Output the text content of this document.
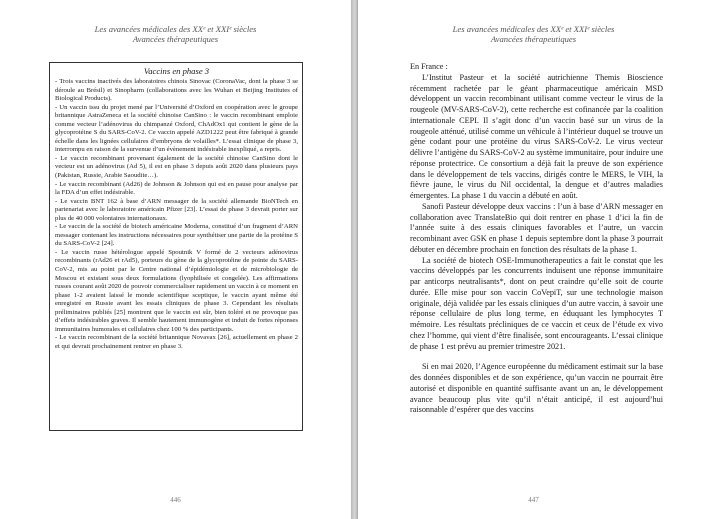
Les avancées médicales des XXᵉ et XXIᵉ siècles
Avancées thérapeutiques
Vaccins en phase 3

- Trois vaccins inactivés des laboratoires chinois Sinovac (CoronaVac, dont la phase 3 se déroule au Brésil) et Sinopharm (collaborations avec les Wuhan et Beijing Institutes of Biological Products).

- Un vaccin issu du projet mené par l’Université d’Oxford en coopération avec le groupe britannique AstraZeneca et la société chinoise CanSino : le vaccin recombinant emploie comme vecteur l’adénovirus du chimpanzé Oxford, ChAdOx1 qui contient le gène de la glycoprotéine S du SARS-CoV-2. Ce vaccin appelé AZD1222 peut être fabriqué à grande échelle dans les lignées cellulaires d’embryons de volailles*. L’essai clinique de phase 3, interrompu en raison de la survenue d’un évènement indésirable inexpliqué, a repris.

- Le vaccin recombinant provenant également de la société chinoise CanSino dont le vecteur est un adénovirus (Ad 5), il est en phase 3 depuis août 2020 dans plusieurs pays (Pakistan, Russie, Arabie Saoudite…).

- Le vaccin recombinant (Ad26) de Johnson & Johnson qui est en pause pour analyse par la FDA d’un effet indésirable.

- Le vaccin BNT 162 à base d’ARN messager de la société allemande BioNTech en partenariat avec le laboratoire américain Pfizer [23]. L’essai de phase 3 devrait porter sur plus de 40 000 volontaires internationaux.

- Le vaccin de la société de biotech américaine Moderna, constitué d’un fragment d’ARN messager contenant les instructions nécessaires pour synthétiser une partie de la protéine S du SARS-CoV-2 [24].

- Le vaccin russe hétérologue appelé Spoutnik V formé de 2 vecteurs adénovirus recombinants (rAd26 et rAd5), porteurs du gène de la glycoprotéine de pointe du SARS-CoV-2, mis au point par le Centre national d’épidémiologie et de microbiologie de Moscou et existant sous deux formulations (lyophilisée et congelée). Les affirmations russes courant août 2020 de pouvoir commercialiser rapidement un vaccin à ce moment en phase 1-2 avaient laissé le monde scientifique sceptique, le vaccin ayant même été enregistré en Russie avant les essais cliniques de phase 3. Cependant les résultats préliminaires publiés [25] montrent que le vaccin est sûr, bien toléré et ne provoque pas d’effets indésirables graves. Il semble hautement immunogène et induit de fortes réponses immunitaires humorales et cellulaires chez 100 % des participants.

- Le vaccin recombinant de la société britannique Novavax [26], actuellement en phase 2 et qui devrait prochainement rentrer en phase 3.

446
Les avancées médicales des XXᵉ et XXIᵉ siècles
Avancées thérapeutiques

En France :

L’Institut Pasteur et la société autrichienne Themis Bioscience récemment rachetée par le géant pharmaceutique américain MSD développent un vaccin recombinant utilisant comme vecteur le virus de la rougeole (MV-SARS-CoV-2), cette recherche est cofinancée par la coalition internationale CEPI. Il s’agit donc d’un vaccin basé sur un virus de la rougeole atténué, utilisé comme un véhicule à l’intérieur duquel se trouve un gène codant pour une protéine du virus SARS-CoV-2. Le virus vecteur délivre l’antigène du SARS-CoV-2 au système immunitaire, pour induire une réponse protectrice. Ce consortium a déjà fait la preuve de son expérience dans le développement de tels vaccins, dirigés contre le MERS, le VIH, la fièvre jaune, le virus du Nil occidental, la dengue et d’autres maladies émergentes. La phase 1 du vaccin a débuté en août.

Sanofi Pasteur développe deux vaccins : l’un à base d’ARN messager en collaboration avec TranslateBio qui doit rentrer en phase 1 d’ici la fin de l’année suite à des essais cliniques favorables et l’autre, un vaccin recombinant avec GSK en phase 1 depuis septembre dont la phase 3 pourrait débuter en décembre prochain en fonction des résultats de la phase 1.

La société de biotech OSE-Immunotherapeutics a fait le constat que les vaccins développés par les concurrents induisent une réponse immunitaire par anticorps neutralisants*, dont on peut craindre qu’elle soit de courte durée. Elle mise pour son vaccin CoVepiT, sur une technologie maison originale, déjà validée par les essais cliniques d’un autre vaccin, à savoir une réponse cellulaire de plus long terme, en éduquant les lymphocytes T mémoire. Les résultats précliniques de ce vaccin et ceux de l’étude ex vivo chez l’homme, qui vient d’être finalisée, sont encourageants. L’essai clinique de phase 1 est prévu au premier trimestre 2021.

Si en mai 2020, l’Agence européenne du médicament estimait sur la base des données disponibles et de son expérience, qu’un vaccin ne pourrait être autorisé et disponible en quantité suffisante avant un an, le développement avance beaucoup plus vite qu’il n’était anticipé, il est aujourd’hui raisonnable d’espérer que des vaccins

447
